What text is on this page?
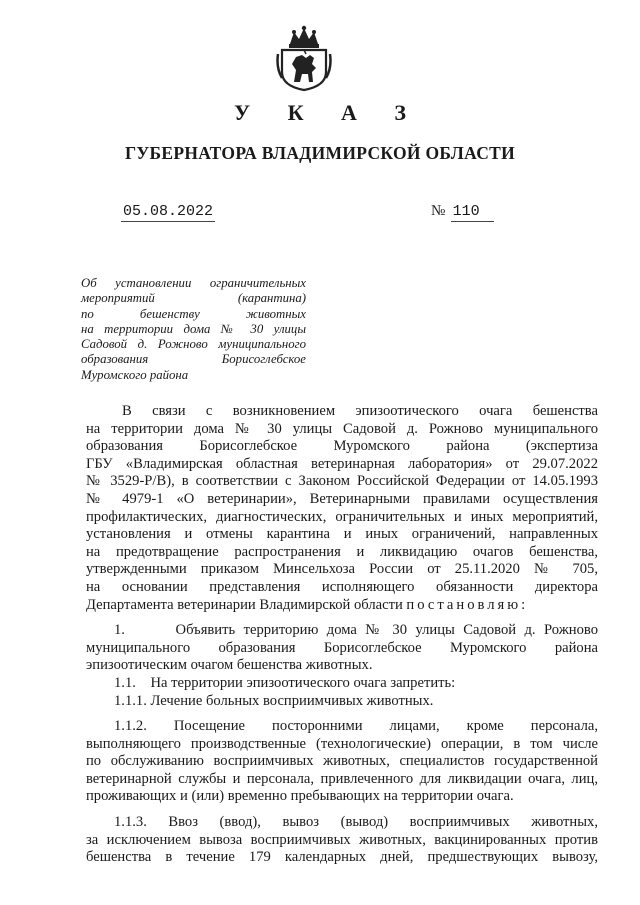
У К А З
ГУБЕРНАТОРА ВЛАДИМИРСКОЙ ОБЛАСТИ
05.08.2022	№ 110
Об установлении ограничительных
мероприятий (карантина)
по бешенству животных
на территории дома № 30 улицы
Садовой д. Рожново муниципального
образования Борисоглебское
Муромского района
В связи с возникновением эпизоотического очага бешенства
на территории дома № 30 улицы Садовой д. Рожново муниципального
образования Борисоглебское Муромского района (экспертиза
ГБУ «Владимирская областная ветеринарная лаборатория» от 29.07.2022
№ 3529-Р/В), в соответствии с Законом Российской Федерации от 14.05.1993
№ 4979-1 «О ветеринарии», Ветеринарными правилами осуществления
профилактических, диагностических, ограничительных и иных мероприятий,
установления и отмены карантина и иных ограничений, направленных
на предотвращение распространения и ликвидацию очагов бешенства,
утвержденными приказом Минсельхоза России от 25.11.2020 № 705,
на основании представления исполняющего обязанности директора
Департамента ветеринарии Владимирской области постановляю:
1.      Объявить территорию дома № 30 улицы Садовой д. Рожново
муниципального образования Борисоглебское Муромского района
эпизоотическим очагом бешенства животных.
1.1.    На территории эпизоотического очага запретить:
1.1.1. Лечение больных восприимчивых животных.
1.1.2. Посещение посторонними лицами, кроме персонала,
выполняющего производственные (технологические) операции, в том числе
по обслуживанию восприимчивых животных, специалистов государственной
ветеринарной службы и персонала, привлеченного для ликвидации очага, лиц,
проживающих и (или) временно пребывающих на территории очага.
1.1.3. Ввоз (ввод), вывоз (вывод) восприимчивых животных,
за исключением вывоза восприимчивых животных, вакцинированных против
бешенства в течение 179 календарных дней, предшествующих вывозу,
